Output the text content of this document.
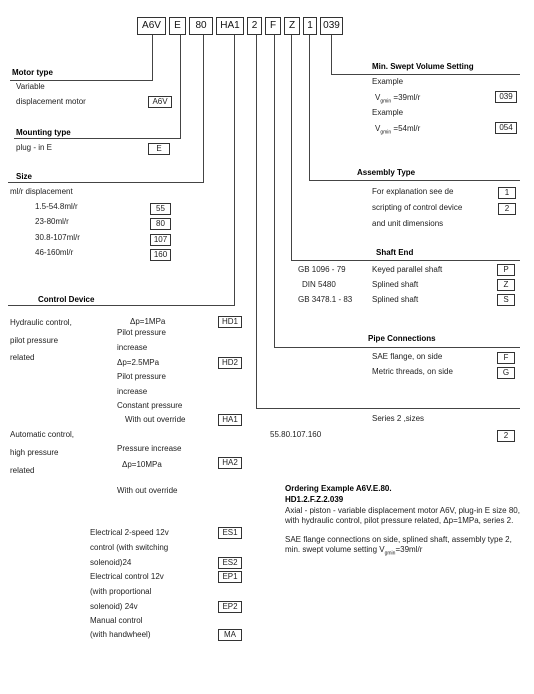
A6V	E	80	HA1	2	F	Z	1	039
Motor type
Variable
displacement motor	A6V
Mounting type
plug - in E	E
Size
ml/r displacement
1.5-54.8ml/r	55
23-80ml/r	80
30.8-107ml/r	107
46-160ml/r	160
Min. Swept Volume Setting
Example
$V_{gmin} =39ml/r$	039
Example
$V_{gmin} =54ml/r$	054
Assembly Type
For explanation see de	1
scripting of control device	2
and unit dimensions
Shaft End
GB 1096 - 79	Keyed parallel shaft	P
DIN 5480	Splined shaft	Z
GB 3478.1 - 83 Splined shaft	S
Pipe Connections
SAE flange, on side	F
Metric threads, on side	G
Series 2 ,sizes
55.80.107.160	2
Control Device
Hydraulic control,
pilot pressure
related
Δp=1MPa	HD1
Pilot pressure
increase
Δp=2.5MPa	HD2
Pilot pressure
increase
Constant pressure
With out override	HA1
Automatic control,
high pressure
related
Pressure increase
Δp=10MPa	HA2
With out override
Electrical 2-speed 12v	ES1
control (with switching
solenoid)24	ES2
Electrical control 12v	EP1
(with proportional
solenoid) 24v	EP2
Manual control
(with handwheel)	MA
Ordering Example A6V.E.80.
HD1.2.F.Z.2.039
Axial - piston - variable displacement motor A6V, plug-in E size 80, with hydraulic control, pilot pressure related, Δp=1MPa, series 2.
SAE flange connections on side, splined shaft, assembly type 2, min. swept volume setting $V_{gmin}=39ml/r$
